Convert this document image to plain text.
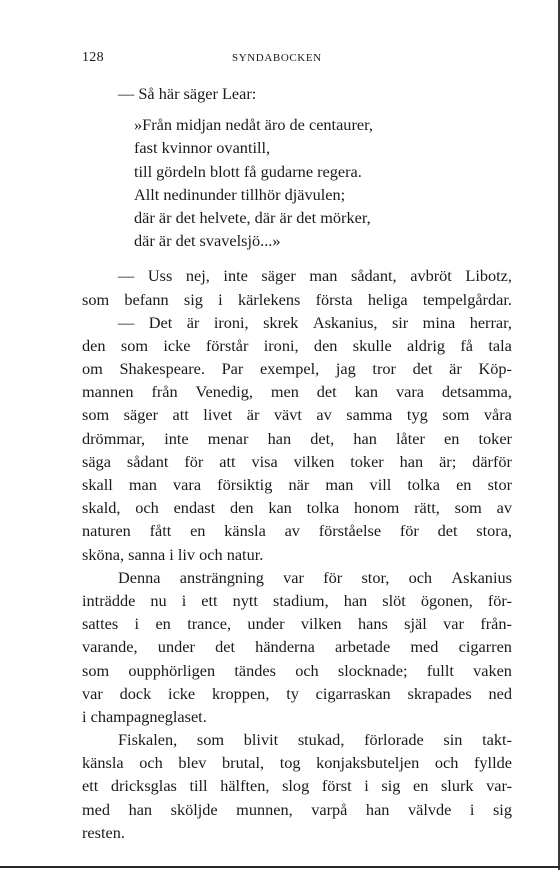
128	SYNDABOCKEN
— Så här säger Lear:
»Från midjan nedåt äro de centaurer,
fast kvinnor ovantill,
till gördeln blott få gudarne regera.
Allt nedinunder tillhör djävulen;
där är det helvete, där är det mörker,
där är det svavelsjö...»
— Uss nej, inte säger man sådant, avbröt Libotz,
som befann sig i kärlekens första heliga tempelgårdar.
— Det är ironi, skrek Askanius, sir mina herrar,
den som icke förstår ironi, den skulle aldrig få tala
om Shakespeare. Par exempel, jag tror det är Köp-
mannen från Venedig, men det kan vara detsamma,
som säger att livet är vävt av samma tyg som våra
drömmar, inte menar han det, han låter en toker
säga sådant för att visa vilken toker han är; därför
skall man vara försiktig när man vill tolka en stor
skald, och endast den kan tolka honom rätt, som av
naturen fått en känsla av förståelse för det stora,
sköna, sanna i liv och natur.
Denna ansträngning var för stor, och Askanius
inträdde nu i ett nytt stadium, han slöt ögonen, för-
sattes i en trance, under vilken hans själ var från-
varande, under det händerna arbetade med cigarren
som oupphörligen tändes och slocknade; fullt vaken
var dock icke kroppen, ty cigarraskan skrapades ned
i champagneglaset.
Fiskalen, som blivit stukad, förlorade sin takt-
känsla och blev brutal, tog konjaksbuteljen och fyllde
ett dricksglas till hälften, slog först i sig en slurk var-
med han sköljde munnen, varpå han välvde i sig
resten.
